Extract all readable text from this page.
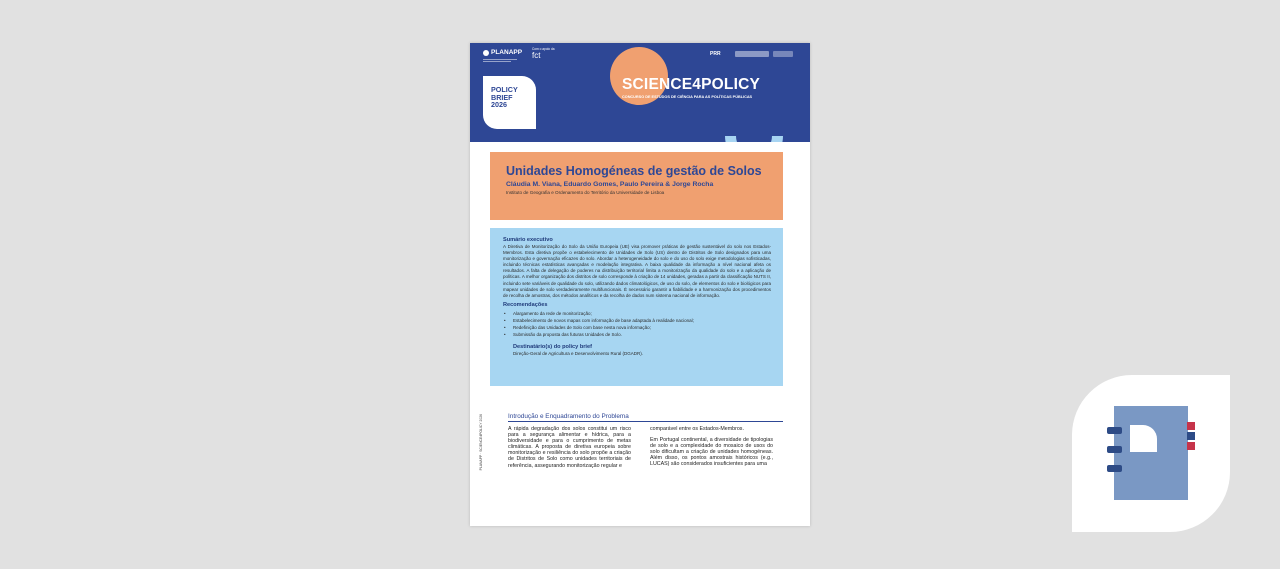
PLANAPP	Com o apoio da
fct	PRR
POLICY
BRIEF
2026
SCIENCE4POLICY
CONCURSO DE ESTUDOS DE CIÊNCIA PARA AS POLÍTICAS PÚBLICAS
Unidades Homogéneas de gestão de Solos
Cláudia M. Viana, Eduardo Gomes, Paulo Pereira & Jorge Rocha
Instituto de Geografia e Ordenamento do Território da Universidade de Lisboa
Sumário executivo

A Diretiva de Monitorização do Solo da União Europeia (UE) visa promover práticas de gestão sustentável do solo nos Estados-Membros. Esta diretiva propõe o estabelecimento de Unidades de Solo (US) dentro de Distritos de Solo designados para uma monitorização e governação eficazes do solo. Abordar a heterogeneidade do solo e do uso do solo exige metodologias sofisticadas, incluindo técnicas estatísticas avançadas e modelação integrativa. A baixa qualidade da informação a nível nacional afeta os resultados. A falta de delegação de poderes na distribuição territorial limita a monitorização da qualidade do solo e a aplicação de políticas. A melhor organização dos distritos de solo corresponde à criação de 14 unidades, geradas a partir da classificação NUTS II, incluindo sete variáveis de qualidade do solo, utilizando dados climatológicos, de uso do solo, de elementos do solo e biológicos para mapear unidades de solo verdadeiramente multifuncionais. É necessário garantir a fiabilidade e a harmonização dos procedimentos de recolha de amostras, dos métodos analíticos e da recolha de dados num sistema nacional de informação.

Recomendações
• Alargamento da rede de monitorização;
• Estabelecimento de novos mapas com informação de base adaptada à realidade nacional;
• Redefinição das Unidades de Solo com base nesta nova informação;
• Submissão da proposta das futuras Unidades de Solo.
Destinatário(s) do policy brief
Direção-Geral de Agricultura e Desenvolvimento Rural (DGADR).
PLANAPP · SCIENCE4POLICY 2026	Introdução e Enquadramento do Problema

A rápida degradação dos solos constitui um risco para a segurança alimentar e hídrica, para a biodiversidade e para o cumprimento de metas climáticas. A proposta de diretiva europeia sobre monitorização e resiliência do solo propõe a criação de Distritos de Solo como unidades territoriais de referência, assegurando monitorização regular e

comparável entre os Estados-Membros.

Em Portugal continental, a diversidade de tipologias de solo e a complexidade do mosaico de usos do solo dificultam a criação de unidades homogéneas. Além disso, os pontos amostrais históricos (e.g., LUCAS) são considerados insuficientes para uma
